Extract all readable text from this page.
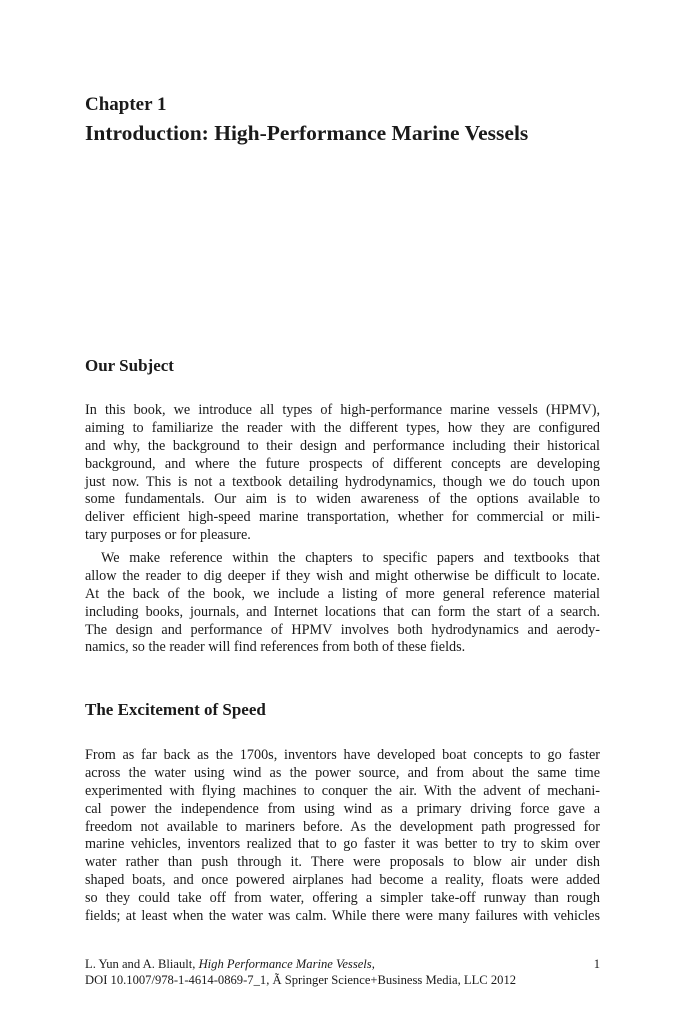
Chapter 1
Introduction: High-Performance Marine Vessels
Our Subject
In this book, we introduce all types of high-performance marine vessels (HPMV),
aiming to familiarize the reader with the different types, how they are configured
and why, the background to their design and performance including their historical
background, and where the future prospects of different concepts are developing
just now. This is not a textbook detailing hydrodynamics, though we do touch upon
some fundamentals. Our aim is to widen awareness of the options available to
deliver efficient high-speed marine transportation, whether for commercial or mili-
tary purposes or for pleasure.
We make reference within the chapters to specific papers and textbooks that
allow the reader to dig deeper if they wish and might otherwise be difficult to locate.
At the back of the book, we include a listing of more general reference material
including books, journals, and Internet locations that can form the start of a search.
The design and performance of HPMV involves both hydrodynamics and aerody-
namics, so the reader will find references from both of these fields.
The Excitement of Speed
From as far back as the 1700s, inventors have developed boat concepts to go faster
across the water using wind as the power source, and from about the same time
experimented with flying machines to conquer the air. With the advent of mechani-
cal power the independence from using wind as a primary driving force gave a
freedom not available to mariners before. As the development path progressed for
marine vehicles, inventors realized that to go faster it was better to try to skim over
water rather than push through it. There were proposals to blow air under dish
shaped boats, and once powered airplanes had become a reality, floats were added
so they could take off from water, offering a simpler take-off runway than rough
fields; at least when the water was calm. While there were many failures with vehicles
L. Yun and A. Bliault, High Performance Marine Vessels,
DOI 10.1007/978-1-4614-0869-7_1, Ã Springer Science+Business Media, LLC 2012
1
